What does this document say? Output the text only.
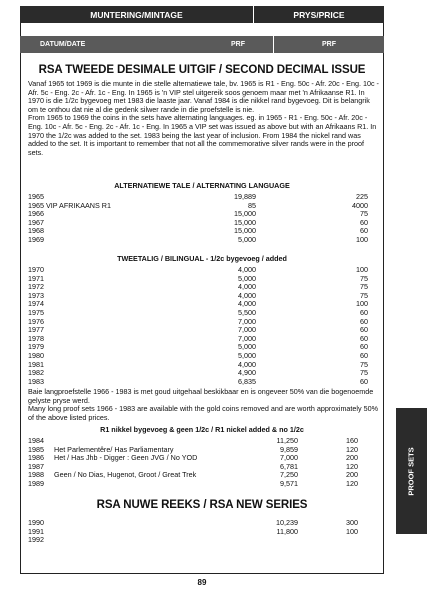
MUNTERING/MINTAGE	PRYS/PRICE
DATUM/DATE	PRF	PRF
RSA TWEEDE DESIMALE UITGIF / SECOND DECIMAL ISSUE

Vanaf 1965 tot 1969 is die munte in die stelle alternatiewe tale, bv. 1965 is R1 - Eng. 50c - Afr. 20c - Eng. 10c - Afr. 5c - Eng. 2c - Afr. 1c - Eng. In 1965 is 'n VIP stel uitgereik soos genoem maar met 'n Afrikaanse R1. In 1970 is die 1/2c bygevoeg met 1983 die laaste jaar. Vanaf 1984 is die nikkel rand bygevoeg. Dit is belangrik om te onthou dat nie al die gedenk silwer rande in die proefstelle is nie.

From 1965 to 1969 the coins in the sets have alternating languages. eg. in 1965 - R1 - Eng. 50c - Afr. 20c - Eng. 10c - Afr. 5c - Eng. 2c - Afr. 1c - Eng. In 1965 a VIP set was issued as above but with an Afrikaans R1. In 1970 the 1/2c was added to the set. 1983 being the last year of inclusion. From 1984 the nickel rand was added to the set. It is important to remember that not all the commemorative silver rands were in the proof sets.

ALTERNATIEWE TALE / ALTERNATING LANGUAGE
1965	19,889	225
1965 VIP AFRIKAANS R1	85	4000
1966	15,000	75
1967	15,000	60
1968	15,000	60
1969	5,000	100
TWEETALIG / BILINGUAL - 1/2c bygevoeg / added
1970	4,000	100
1971	5,000	75
1972	4,000	75
1973	4,000	75
1974	4,000	100
1975	5,500	60
1976	7,000	60
1977	7,000	60
1978	7,000	60
1979	5,000	60
1980	5,000	60
1981	4,000	75
1982	4,900	75
1983	6,835	60

Baie langproefstelle 1966 - 1983 is met goud uitgehaal beskikbaar en is ongeveer 50% van die bogenoemde gelyste pryse werd.

Many long proof sets 1966 - 1983 are available with the gold coins removed and are worth approximately 50% of the above listed prices.

R1 nikkel bygevoeg & geen 1/2c / R1 nickel added & no 1/2c
1984	11,250	160
1985 Het Parlementêre/ Has Parliamentary	9,859	120
1986 Het / Has Jhb - Digger : Geen JVG / No YOD	7,000	200
1987	6,781	120
1988 Geen / No Dias, Hugenot, Groot / Great Trek	7,250	200
1989	9,571	120
RSA NUWE REEKS / RSA NEW SERIES
1990	10,239	300
1991	11,800	100
1992
PROOF SETS
89
